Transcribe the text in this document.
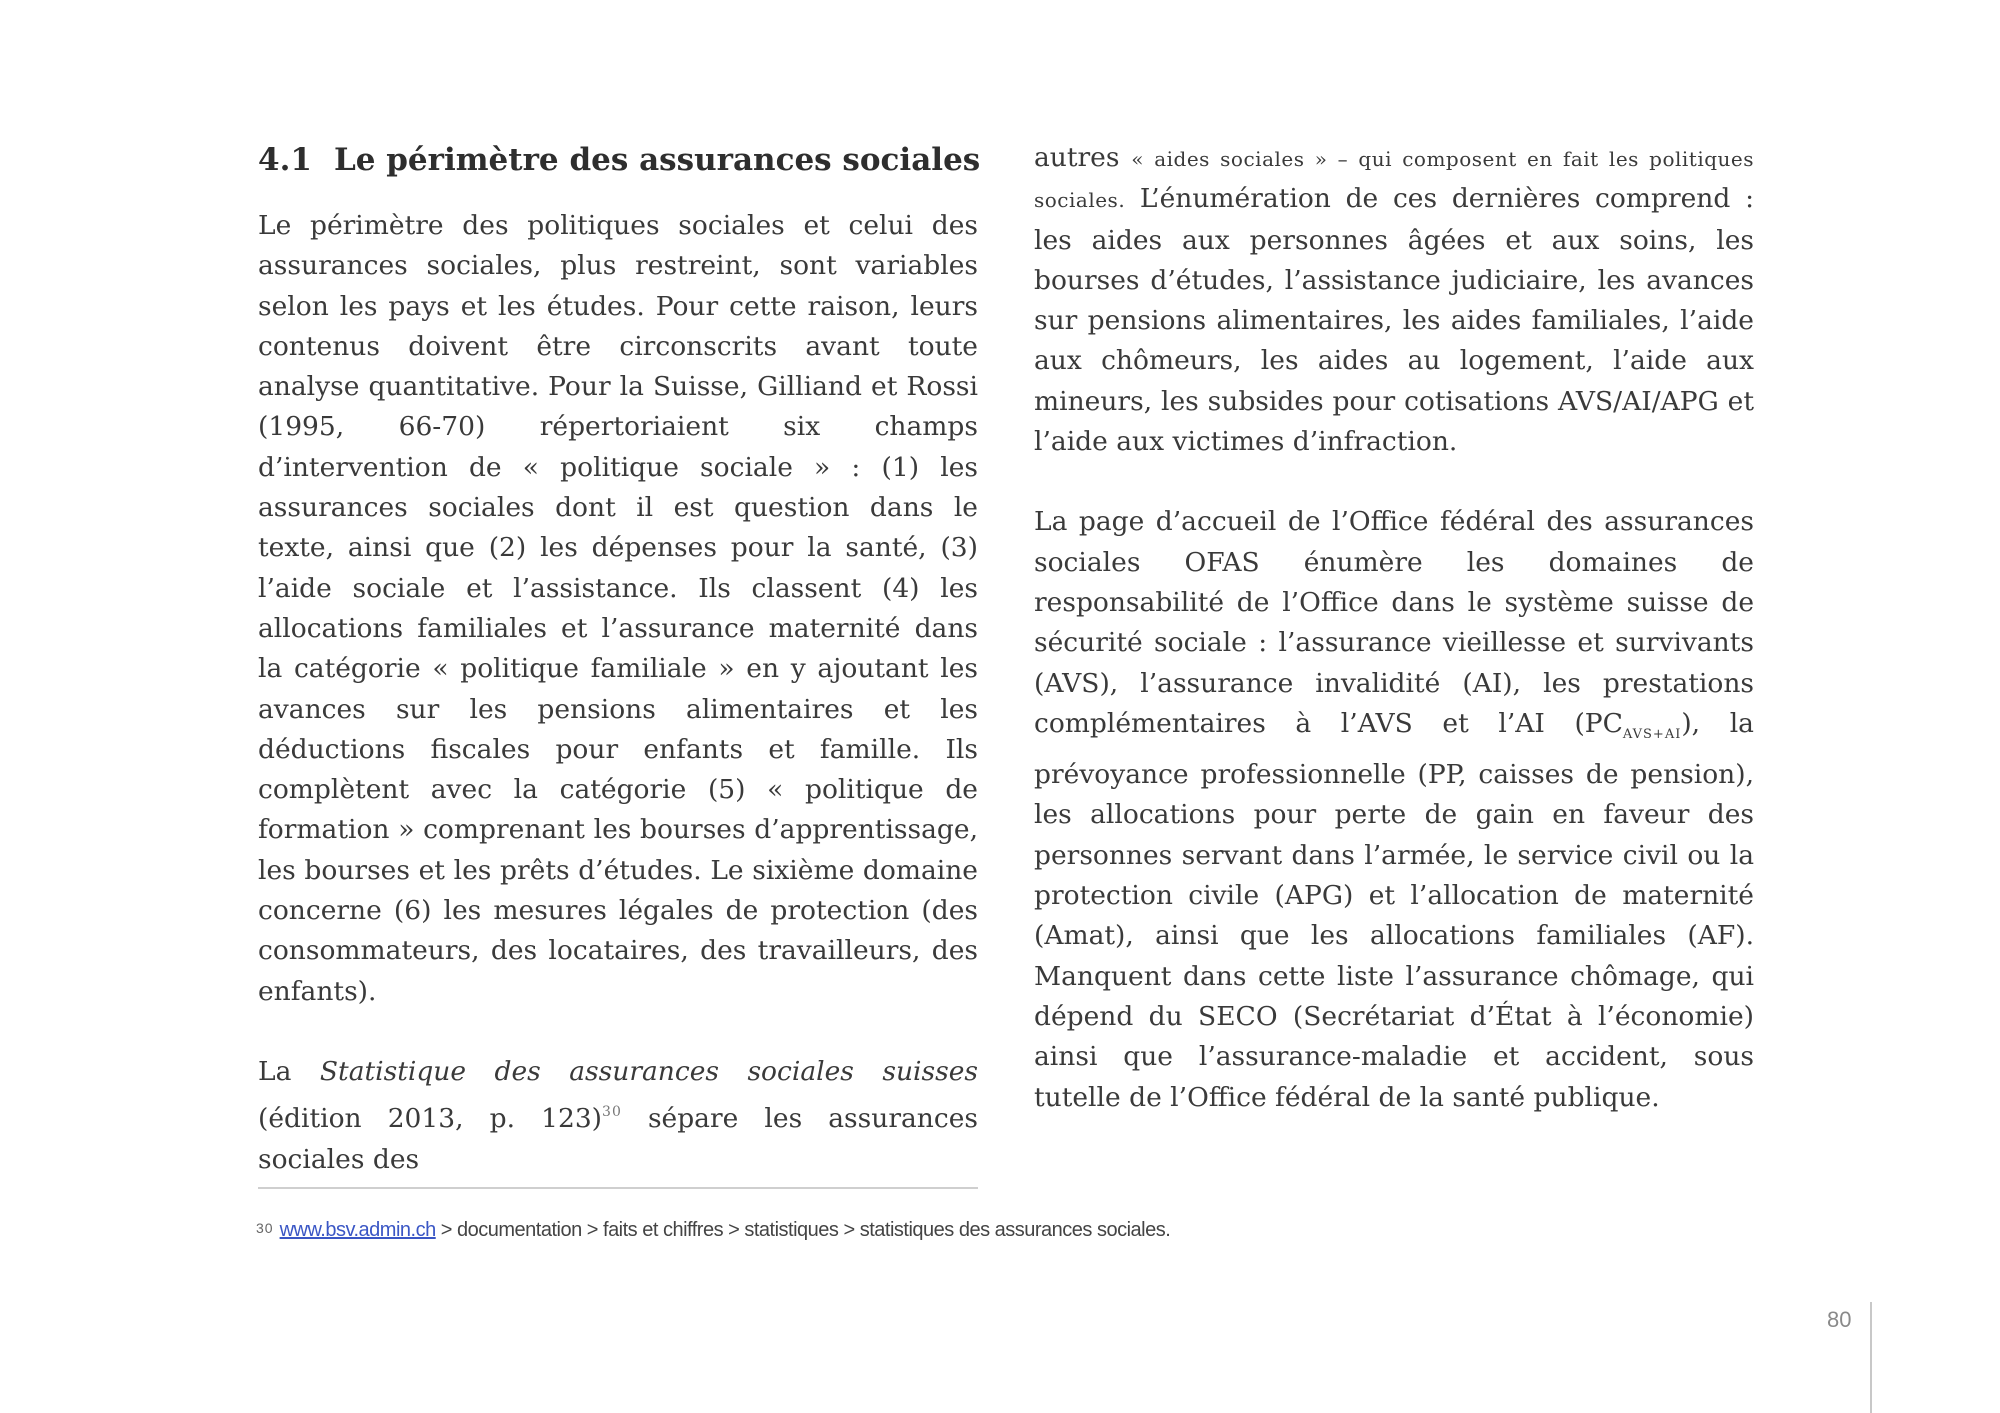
4.1 Le périmètre des assurances sociales

Le périmètre des politiques sociales et celui des assurances sociales, plus restreint, sont variables selon les pays et les études. Pour cette raison, leurs contenus doivent être circonscrits avant toute analyse quantitative. Pour la Suisse, Gilliand et Rossi (1995, 66-70) répertoriaient six champs d’intervention de « politique sociale » : (1) les assurances sociales dont il est question dans le texte, ainsi que (2) les dépenses pour la santé, (3) l’aide sociale et l’assistance. Ils classent (4) les allocations familiales et l’assurance maternité dans la catégorie « politique familiale » en y ajoutant les avances sur les pensions alimentaires et les déductions fiscales pour enfants et famille. Ils complètent avec la catégorie (5) « politique de formation » comprenant les bourses d’apprentissage, les bourses et les prêts d’études. Le sixième domaine concerne (6) les mesures légales de protection (des consommateurs, des locataires, des travailleurs, des enfants).

La Statistique des assurances sociales suisses (édition 2013, p. 123)$^{30}$ sépare les assurances sociales des

autres « aides sociales » – qui composent en fait les politiques sociales. L’énumération de ces dernières comprend : les aides aux personnes âgées et aux soins, les bourses d’études, l’assistance judiciaire, les avances sur pensions alimentaires, les aides familiales, l’aide aux chômeurs, les aides au logement, l’aide aux mineurs, les subsides pour cotisations AVS/AI/APG et l’aide aux victimes d’infraction.

La page d’accueil de l’Office fédéral des assurances sociales OFAS énumère les domaines de responsabilité de l’Office dans le système suisse de sécurité sociale : l’assurance vieillesse et survivants (AVS), l’assurance invalidité (AI), les prestations complémentaires à l’AVS et l’AI $(PC_{AVS+AI})$, la prévoyance professionnelle (PP, caisses de pension), les allocations pour perte de gain en faveur des personnes servant dans l’armée, le service civil ou la protection civile (APG) et l’allocation de maternité (Amat), ainsi que les allocations familiales (AF). Manquent dans cette liste l’assurance chômage, qui dépend du SECO (Secrétariat d’État à l’économie) ainsi que l’assurance-maladie et accident, sous tutelle de l’Office fédéral de la santé publique.

30 www.bsv.admin.ch > documentation > faits et chiffres > statistiques > statistiques des assurances sociales.
80
